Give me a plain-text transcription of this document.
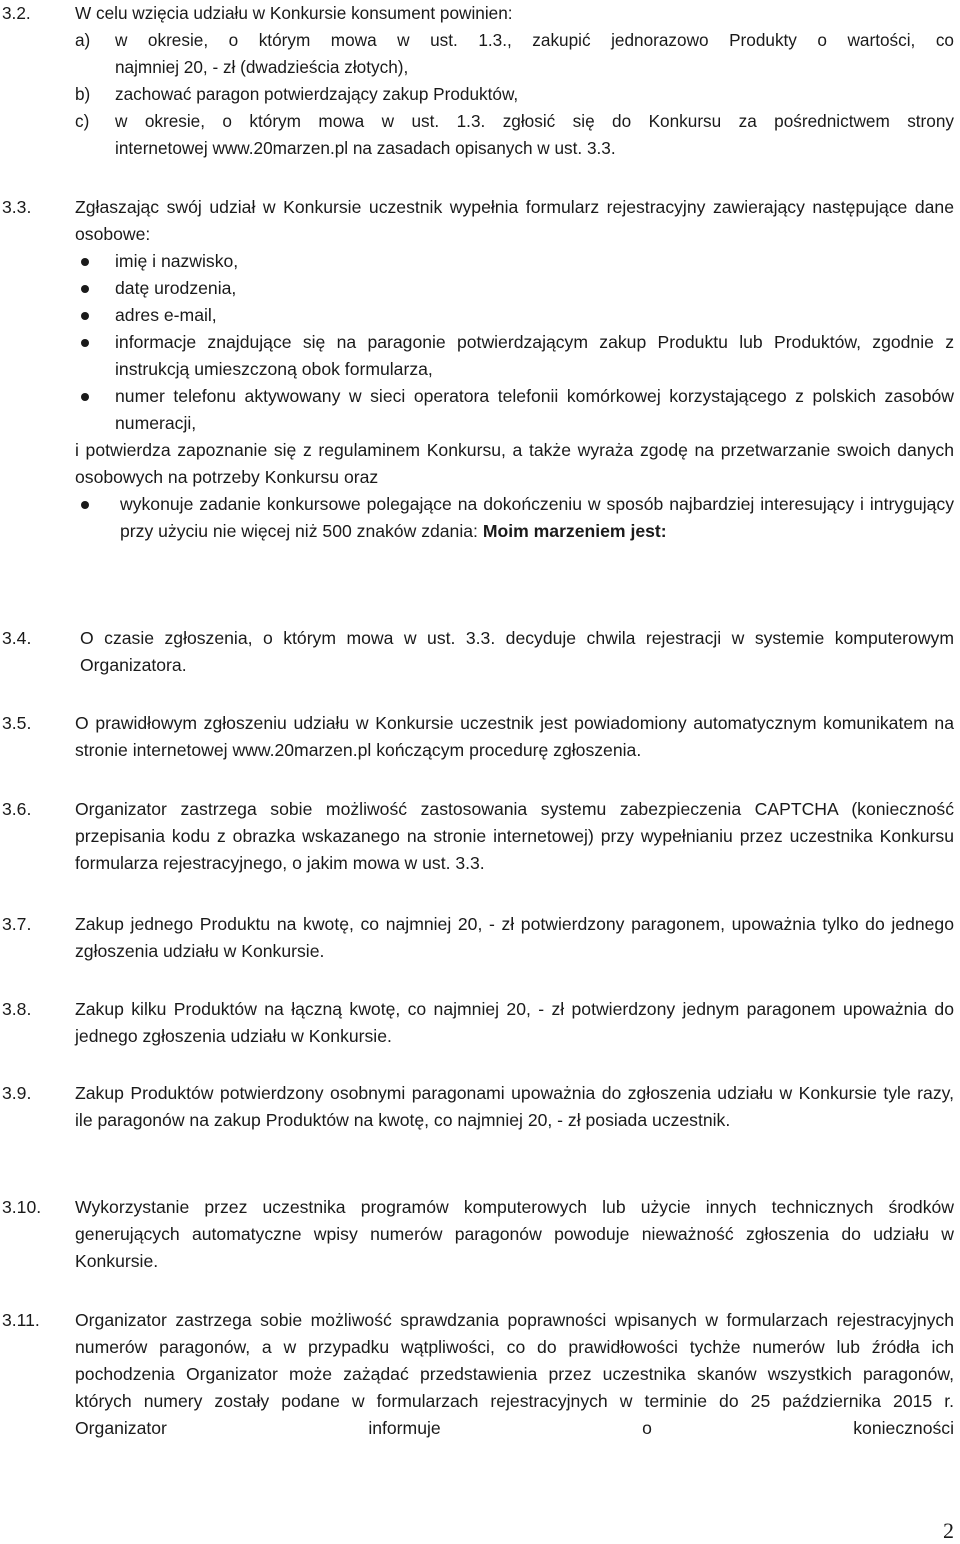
3.2.	W celu wzięcia udziału w Konkursie konsument powinien:
a) w okresie, o którym mowa w ust. 1.3., zakupić jednorazowo Produkty o wartości, co
najmniej 20, - zł (dwadzieścia złotych),
b) zachować paragon potwierdzający zakup Produktów,
c) w okresie, o którym mowa w ust. 1.3. zgłosić się do Konkursu za pośrednictwem strony
internetowej www.20marzen.pl na zasadach opisanych w ust. 3.3.
3.3. Zgłaszając swój udział w Konkursie uczestnik wypełnia formularz rejestracyjny zawierający następujące dane osobowe:
imię i nazwisko,
datę urodzenia,
adres e-mail,
informacje znajdujące się na paragonie potwierdzającym zakup Produktu lub Produktów, zgodnie z instrukcją umieszczoną obok formularza,
numer telefonu aktywowany w sieci operatora telefonii komórkowej korzystającego z polskich zasobów numeracji,
i potwierdza zapoznanie się z regulaminem Konkursu, a także wyraża zgodę na przetwarzanie swoich danych osobowych na potrzeby Konkursu oraz
wykonuje zadanie konkursowe polegające na dokończeniu w sposób najbardziej interesujący i intrygujący przy użyciu nie więcej niż 500 znaków zdania: Moim marzeniem jest:
3.4.	O czasie zgłoszenia, o którym mowa w ust. 3.3. decyduje chwila rejestracji w systemie komputerowym Organizatora.
3.5. O prawidłowym zgłoszeniu udziału w Konkursie uczestnik jest powiadomiony automatycznym komunikatem na stronie internetowej www.20marzen.pl kończącym procedurę zgłoszenia.
3.6. Organizator zastrzega sobie możliwość zastosowania systemu zabezpieczenia CAPTCHA (konieczność przepisania kodu z obrazka wskazanego na stronie internetowej) przy wypełnianiu przez uczestnika Konkursu formularza rejestracyjnego, o jakim mowa w ust. 3.3.
3.7. Zakup jednego Produktu na kwotę, co najmniej 20, - zł potwierdzony paragonem, upoważnia tylko do jednego zgłoszenia udziału w Konkursie.
3.8. Zakup kilku Produktów na łączną kwotę, co najmniej 20, - zł potwierdzony jednym paragonem upoważnia do jednego zgłoszenia udziału w Konkursie.
3.9. Zakup Produktów potwierdzony osobnymi paragonami upoważnia do zgłoszenia udziału w Konkursie tyle razy, ile paragonów na zakup Produktów na kwotę, co najmniej 20, - zł posiada uczestnik.
3.10. Wykorzystanie przez uczestnika programów komputerowych lub użycie innych technicznych środków generujących automatyczne wpisy numerów paragonów powoduje nieważność zgłoszenia do udziału w Konkursie.
3.11. Organizator zastrzega sobie możliwość sprawdzania poprawności wpisanych w formularzach rejestracyjnych numerów paragonów, a w przypadku wątpliwości, co do prawidłowości tychże numerów lub źródła ich pochodzenia Organizator może zażądać przedstawienia przez uczestnika skanów wszystkich paragonów, których numery zostały podane w formularzach rejestracyjnych w terminie do 25 października 2015 r. Organizator informuje o konieczności
2
